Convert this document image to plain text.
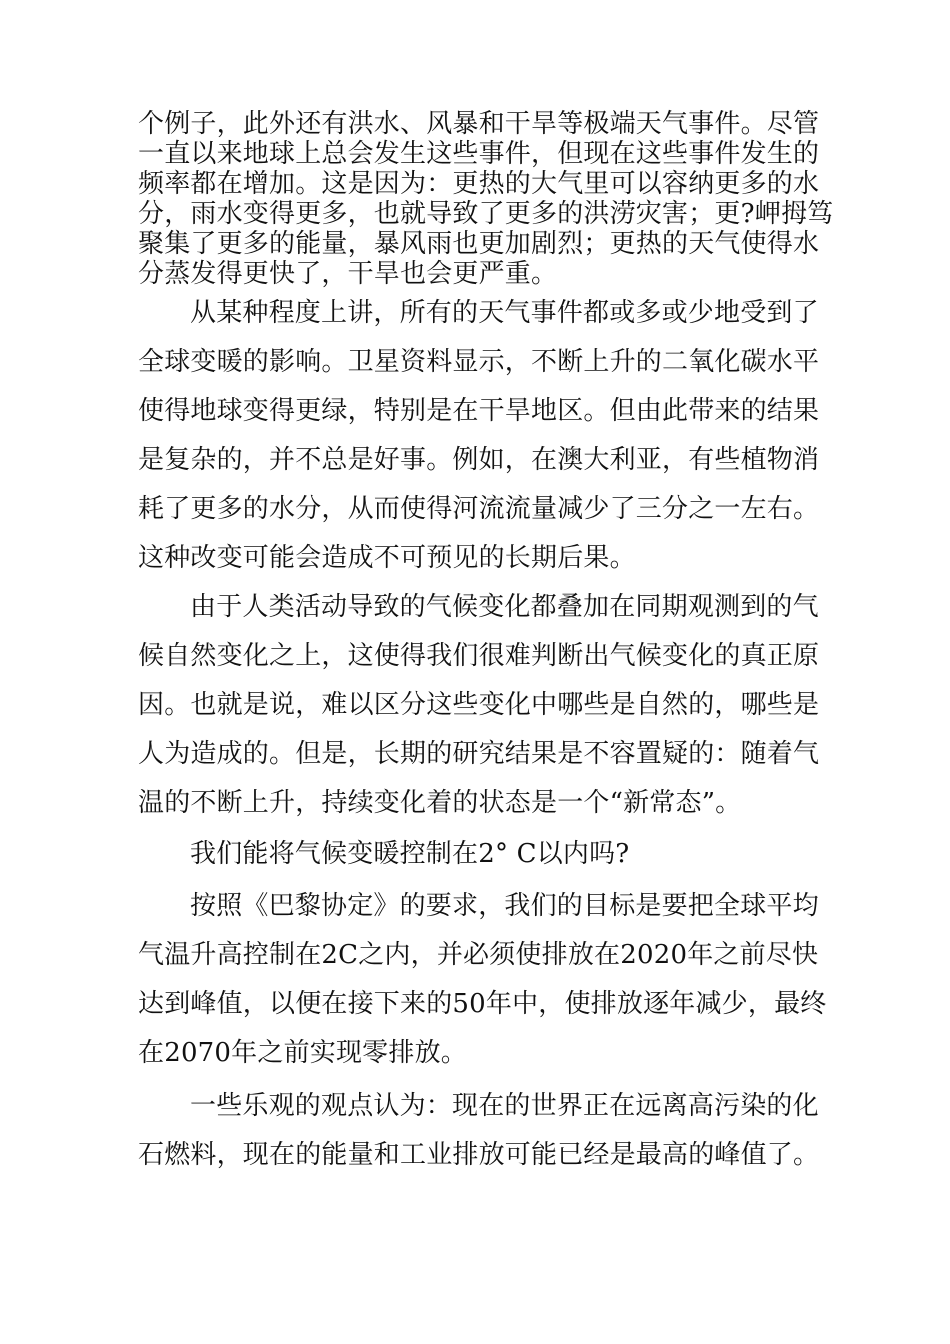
个例子，此外还有洪水、风暴和干旱等极端天气事件。尽管
一直以来地球上总会发生这些事件，但现在这些事件发生的
频率都在增加。这是因为：更热的大气里可以容纳更多的水
分，雨水变得更多，也就导致了更多的洪涝灾害；更?岬拇笃
聚集了更多的能量，暴风雨也更加剧烈；更热的天气使得水
分蒸发得更快了，干旱也会更严重。
从某种程度上讲，所有的天气事件都或多或少地受到了
全球变暖的影响。卫星资料显示，不断上升的二氧化碳水平
使得地球变得更绿，特别是在干旱地区。但由此带来的结果
是复杂的，并不总是好事。例如，在澳大利亚，有些植物消
耗了更多的水分，从而使得河流流量减少了三分之一左右。
这种改变可能会造成不可预见的长期后果。
由于人类活动导致的气候变化都叠加在同期观测到的气
候自然变化之上，这使得我们很难判断出气候变化的真正原
因。也就是说，难以区分这些变化中哪些是自然的，哪些是
人为造成的。但是，长期的研究结果是不容置疑的：随着气
温的不断上升，持续变化着的状态是一个“新常态”。
我们能将气候变暖控制在2° C以内吗?
按照《巴黎协定》的要求，我们的目标是要把全球平均
气温升高控制在2C之内，并必须使排放在2020年之前尽快
达到峰值，以便在接下来的50年中，使排放逐年减少，最终
在2070年之前实现零排放。
一些乐观的观点认为：现在的世界正在远离高污染的化
石燃料，现在的能量和工业排放可能已经是最高的峰值了。
